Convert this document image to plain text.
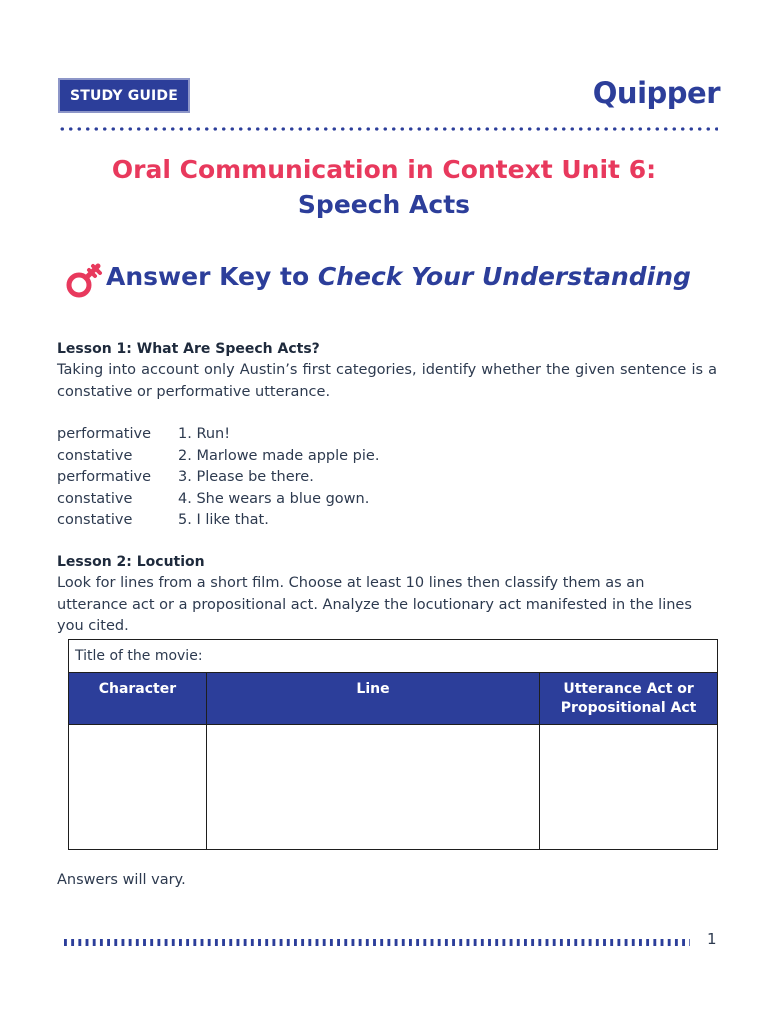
STUDY GUIDE	Quipper
Oral Communication in Context Unit 6:
Speech Acts
Answer Key to Check Your Understanding
Lesson 1: What Are Speech Acts?
Taking into account only Austin’s first categories, identify whether the given sentence is a constative or performative utterance.
performative	1. Run!
constative	2. Marlowe made apple pie.
performative	3. Please be there.
constative	4. She wears a blue gown.
constative	5. I like that.
Lesson 2: Locution
Look for lines from a short film. Choose at least 10 lines then classify them as an utterance act or a propositional act. Analyze the locutionary act manifested in the lines you cited.
Title of the movie:		
Character	Line	Utterance Act or Propositional Act

Answers will vary.
1
